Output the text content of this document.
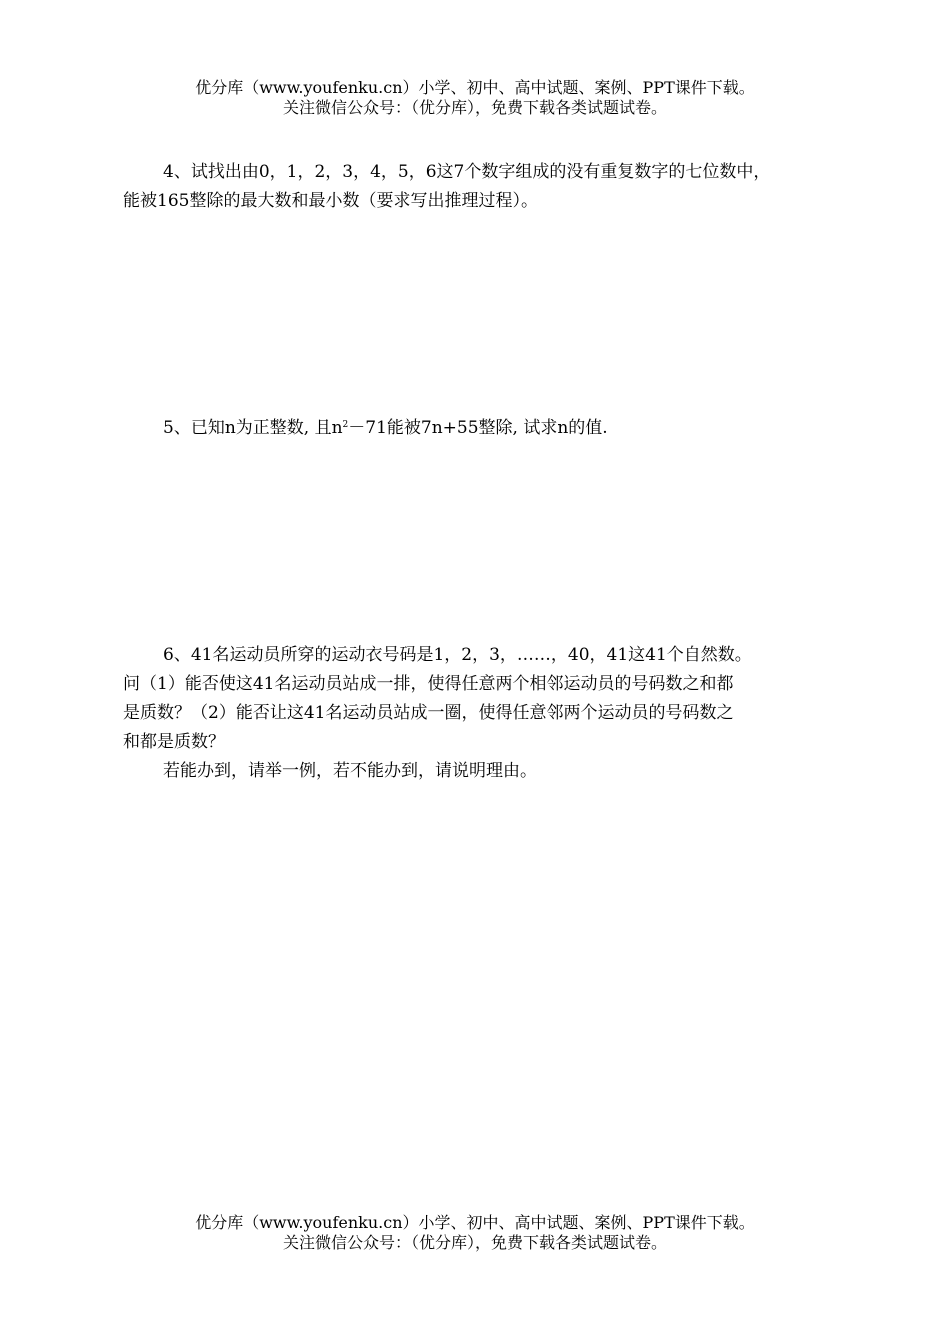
优分库（www.youfenku.cn）小学、初中、高中试题、案例、PPT课件下载。
关注微信公众号：（优分库），免费下载各类试题试卷。

4、试找出由0，1，2，3，4，5，6这7个数字组成的没有重复数字的七位数中，

能被165整除的最大数和最小数（要求写出推理过程）。

5、已知n为正整数, 且$n^2-71$能被7n+55整除, 试求n的值.

6、41名运动员所穿的运动衣号码是1，2，3，……，40，41这41个自然数。

问（1）能否使这41名运动员站成一排，使得任意两个相邻运动员的号码数之和都

是质数？（2）能否让这41名运动员站成一圈，使得任意邻两个运动员的号码数之

和都是质数？

若能办到，请举一例，若不能办到，请说明理由。

优分库（www.youfenku.cn）小学、初中、高中试题、案例、PPT课件下载。
关注微信公众号：（优分库），免费下载各类试题试卷。
